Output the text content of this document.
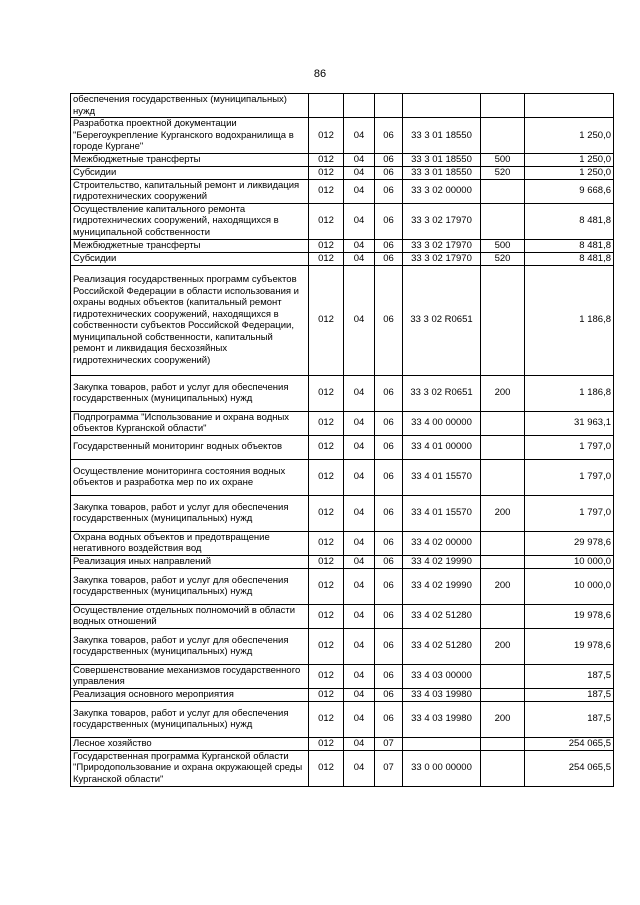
86
обеспечения государственных (муниципальных) нужд						
Разработка проектной документации "Берегоукрепление Курганского водохранилища в городе Кургане"	012	04	06	33 3 01 18550		1 250,0
Межбюджетные трансферты	012	04	06	33 3 01 18550	500	1 250,0
Субсидии	012	04	06	33 3 01 18550	520	1 250,0
Строительство, капитальный ремонт и ликвидация гидротехнических сооружений	012	04	06	33 3 02 00000		9 668,6
Осуществление капитального ремонта гидротехнических сооружений, находящихся в муниципальной собственности	012	04	06	33 3 02 17970		8 481,8
Межбюджетные трансферты	012	04	06	33 3 02 17970	500	8 481,8
Субсидии	012	04	06	33 3 02 17970	520	8 481,8
Реализация государственных программ субъектов Российской Федерации в области использования и охраны водных объектов (капитальный ремонт гидротехнических сооружений, находящихся в собственности субъектов Российской Федерации, муниципальной собственности, капитальный ремонт и ликвидация бесхозяйных гидротехнических сооружений)	012	04	06	33 3 02 R0651		1 186,8
Закупка товаров, работ и услуг для обеспечения государственных (муниципальных) нужд	012	04	06	33 3 02 R0651	200	1 186,8
Подпрограмма "Использование и охрана водных объектов Курганской области"	012	04	06	33 4 00 00000		31 963,1
Государственный мониторинг водных объектов	012	04	06	33 4 01 00000		1 797,0
Осуществление мониторинга состояния водных объектов и разработка мер по их охране	012	04	06	33 4 01 15570		1 797,0
Закупка товаров, работ и услуг для обеспечения государственных (муниципальных) нужд	012	04	06	33 4 01 15570	200	1 797,0
Охрана водных объектов и предотвращение негативного воздействия вод	012	04	06	33 4 02 00000		29 978,6
Реализация иных направлений	012	04	06	33 4 02 19990		10 000,0
Закупка товаров, работ и услуг для обеспечения государственных (муниципальных) нужд	012	04	06	33 4 02 19990	200	10 000,0
Осуществление отдельных полномочий в области водных отношений	012	04	06	33 4 02 51280		19 978,6
Закупка товаров, работ и услуг для обеспечения государственных (муниципальных) нужд	012	04	06	33 4 02 51280	200	19 978,6
Совершенствование механизмов государственного управления	012	04	06	33 4 03 00000		187,5
Реализация основного мероприятия	012	04	06	33 4 03 19980		187,5
Закупка товаров, работ и услуг для обеспечения государственных (муниципальных) нужд	012	04	06	33 4 03 19980	200	187,5
Лесное хозяйство	012	04	07			254 065,5
Государственная программа Курганской области "Природопользование и охрана окружающей среды Курганской области"	012	04	07	33 0 00 00000		254 065,5
